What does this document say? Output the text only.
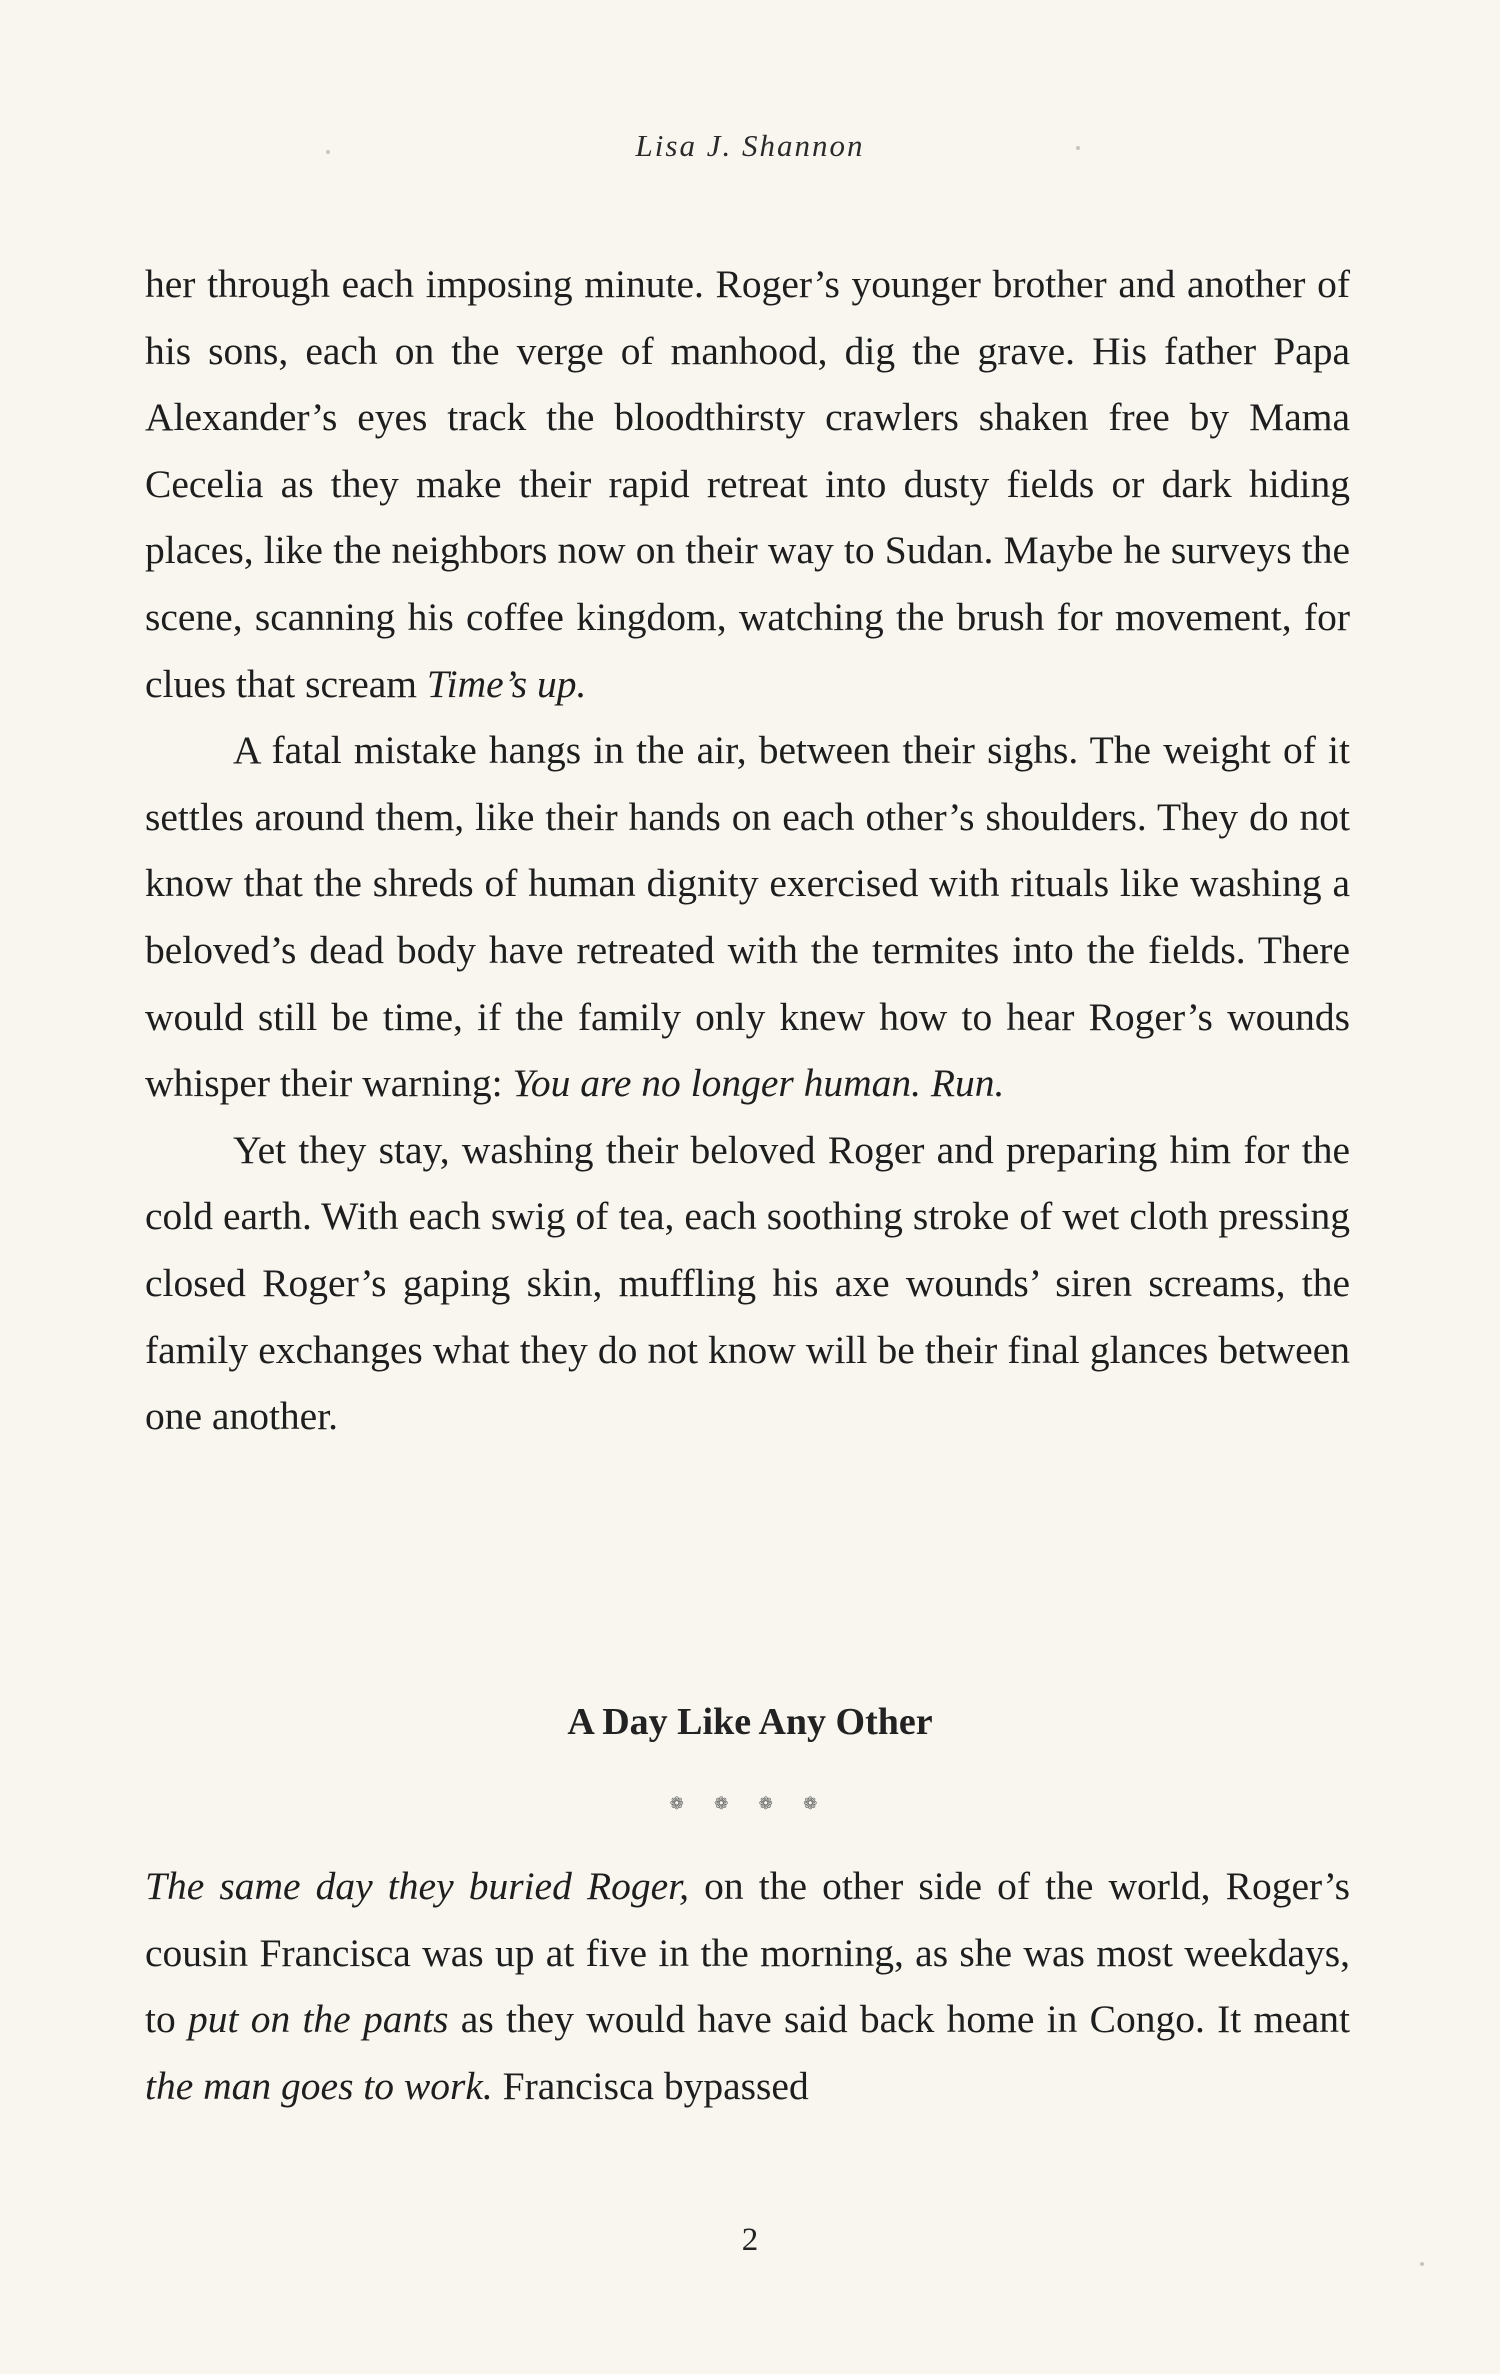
Lisa J. Shannon

her through each imposing minute. Roger’s younger brother and another of his sons, each on the verge of manhood, dig the grave. His father Papa Alexander’s eyes track the bloodthirsty crawlers shaken free by Mama Cecelia as they make their rapid retreat into dusty fields or dark hiding places, like the neighbors now on their way to Sudan. Maybe he surveys the scene, scanning his coffee kingdom, watching the brush for movement, for clues that scream Time’s up.

A fatal mistake hangs in the air, between their sighs. The weight of it settles around them, like their hands on each other’s shoulders. They do not know that the shreds of human dignity exercised with rituals like washing a beloved’s dead body have retreated with the termites into the fields. There would still be time, if the family only knew how to hear Roger’s wounds whisper their warning: You are no longer human. Run.

Yet they stay, washing their beloved Roger and preparing him for the cold earth. With each swig of tea, each soothing stroke of wet cloth pressing closed Roger’s gaping skin, muffling his axe wounds’ siren screams, the family exchanges what they do not know will be their final glances between one another.

A Day Like Any Other
❁ ❁ ❁ ❁

The same day they buried Roger, on the other side of the world, Roger’s cousin Francisca was up at five in the morning, as she was most weekdays, to put on the pants as they would have said back home in Congo. It meant the man goes to work. Francisca bypassed

2
